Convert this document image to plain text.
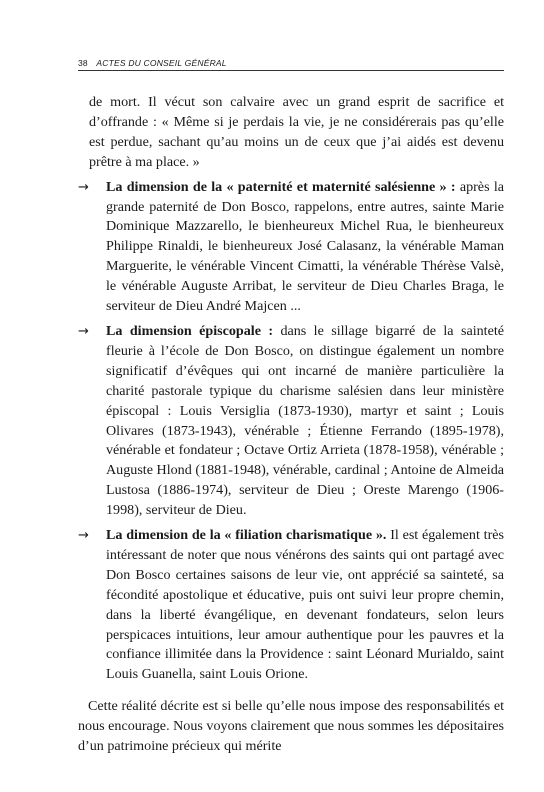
38 ACTES DU CONSEIL GÉNÉRAL

de mort. Il vécut son calvaire avec un grand esprit de sacrifice et d’offrande : « Même si je perdais la vie, je ne considérerais pas qu’elle est perdue, sachant qu’au moins un de ceux que j’ai aidés est devenu prêtre à ma place. »

→ La dimension de la « paternité et maternité salésienne » : après la grande paternité de Don Bosco, rappelons, entre autres, sainte Marie Dominique Mazzarello, le bienheureux Michel Rua, le bienheureux Philippe Rinaldi, le bienheureux José Calasanz, la vénérable Maman Marguerite, le vénérable Vincent Cimatti, la vénérable Thérèse Valsè, le vénérable Auguste Arribat, le serviteur de Dieu Charles Braga, le serviteur de Dieu André Majcen ...

→ La dimension épiscopale : dans le sillage bigarré de la sainteté fleurie à l’école de Don Bosco, on distingue également un nombre significatif d’évêques qui ont incarné de manière particulière la charité pastorale typique du charisme salésien dans leur ministère épiscopal : Louis Versiglia (1873-1930), martyr et saint ; Louis Olivares (1873-1943), vénérable ; Étienne Ferrando (1895-1978), vénérable et fondateur ; Octave Ortiz Arrieta (1878-1958), vénérable ; Auguste Hlond (1881-1948), vénérable, cardinal ; Antoine de Almeida Lustosa (1886-1974), serviteur de Dieu ; Oreste Marengo (1906-1998), serviteur de Dieu.

→ La dimension de la « filiation charismatique ». Il est également très intéressant de noter que nous vénérons des saints qui ont partagé avec Don Bosco certaines saisons de leur vie, ont apprécié sa sainteté, sa fécondité apostolique et éducative, puis ont suivi leur propre chemin, dans la liberté évangélique, en devenant fondateurs, selon leurs perspicaces intuitions, leur amour authentique pour les pauvres et la confiance illimitée dans la Providence : saint Léonard Murialdo, saint Louis Guanella, saint Louis Orione.

Cette réalité décrite est si belle qu’elle nous impose des responsabilités et nous encourage. Nous voyons clairement que nous sommes les dépositaires d’un patrimoine précieux qui mérite
